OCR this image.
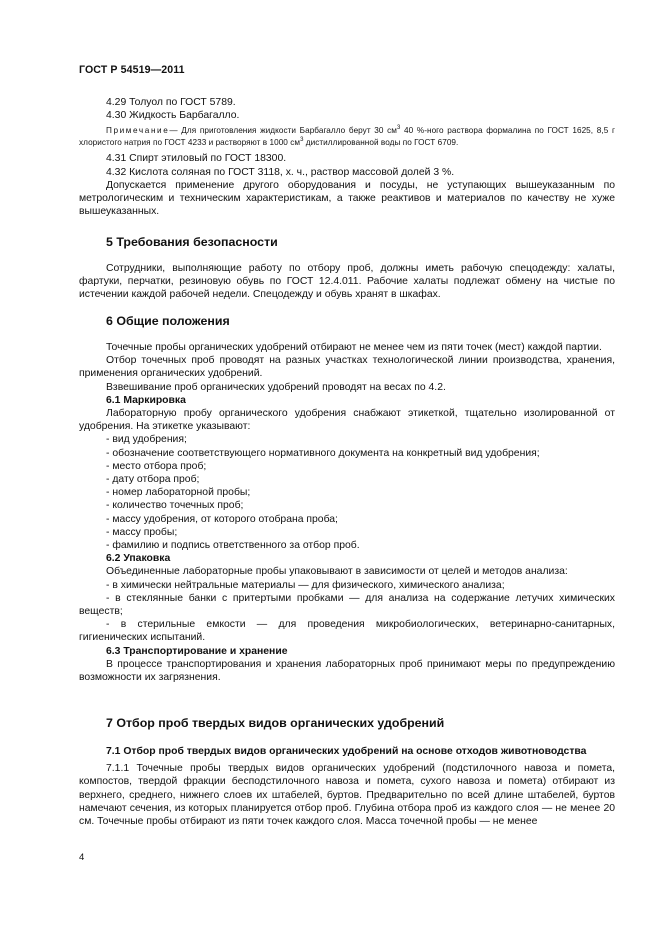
ГОСТ Р 54519—2011

4.29 Толуол по ГОСТ 5789.

4.30 Жидкость Барбагалло.

Примечание— Для приготовления жидкости Барбагалло берут 30 $см^3$ 40 %-ного раствора формалина по ГОСТ 1625, 8,5 г хлористого натрия по ГОСТ 4233 и растворяют в 1000 $см^3$ дистиллированной воды по ГОСТ 6709.

4.31 Спирт этиловый по ГОСТ 18300.

4.32 Кислота соляная по ГОСТ 3118, х. ч., раствор массовой долей 3 %.

Допускается применение другого оборудования и посуды, не уступающих вышеуказанным по метрологическим и техническим характеристикам, а также реактивов и материалов по качеству не хуже вышеуказанных.

5 Требования безопасности

Сотрудники, выполняющие работу по отбору проб, должны иметь рабочую спецодежду: халаты, фартуки, перчатки, резиновую обувь по ГОСТ 12.4.011. Рабочие халаты подлежат обмену на чистые по истечении каждой рабочей недели. Спецодежду и обувь хранят в шкафах.

6 Общие положения

Точечные пробы органических удобрений отбирают не менее чем из пяти точек (мест) каждой партии.

Отбор точечных проб проводят на разных участках технологической линии производства, хранения, применения органических удобрений.

Взвешивание проб органических удобрений проводят на весах по 4.2.

6.1 Маркировка

Лабораторную пробу органического удобрения снабжают этикеткой, тщательно изолированной от удобрения. На этикетке указывают:

- вид удобрения;

- обозначение соответствующего нормативного документа на конкретный вид удобрения;

- место отбора проб;

- дату отбора проб;

- номер лабораторной пробы;

- количество точечных проб;

- массу удобрения, от которого отобрана проба;

- массу пробы;

- фамилию и подпись ответственного за отбор проб.

6.2 Упаковка

Объединенные лабораторные пробы упаковывают в зависимости от целей и методов анализа:

- в химически нейтральные материалы — для физического, химического анализа;

- в стеклянные банки с притертыми пробками — для анализа на содержание летучих химических веществ;

- в стерильные емкости — для проведения микробиологических, ветеринарно-санитарных, гигиенических испытаний.

6.3 Транспортирование и хранение

В процессе транспортирования и хранения лабораторных проб принимают меры по предупреждению возможности их загрязнения.

7 Отбор проб твердых видов органических удобрений

7.1 Отбор проб твердых видов органических удобрений на основе отходов животноводства

7.1.1 Точечные пробы твердых видов органических удобрений (подстилочного навоза и помета, компостов, твердой фракции бесподстилочного навоза и помета, сухого навоза и помета) отбирают из верхнего, среднего, нижнего слоев их штабелей, буртов. Предварительно по всей длине штабелей, буртов намечают сечения, из которых планируется отбор проб. Глубина отбора проб из каждого слоя — не менее 20 см. Точечные пробы отбирают из пяти точек каждого слоя. Масса точечной пробы — не менее

4
